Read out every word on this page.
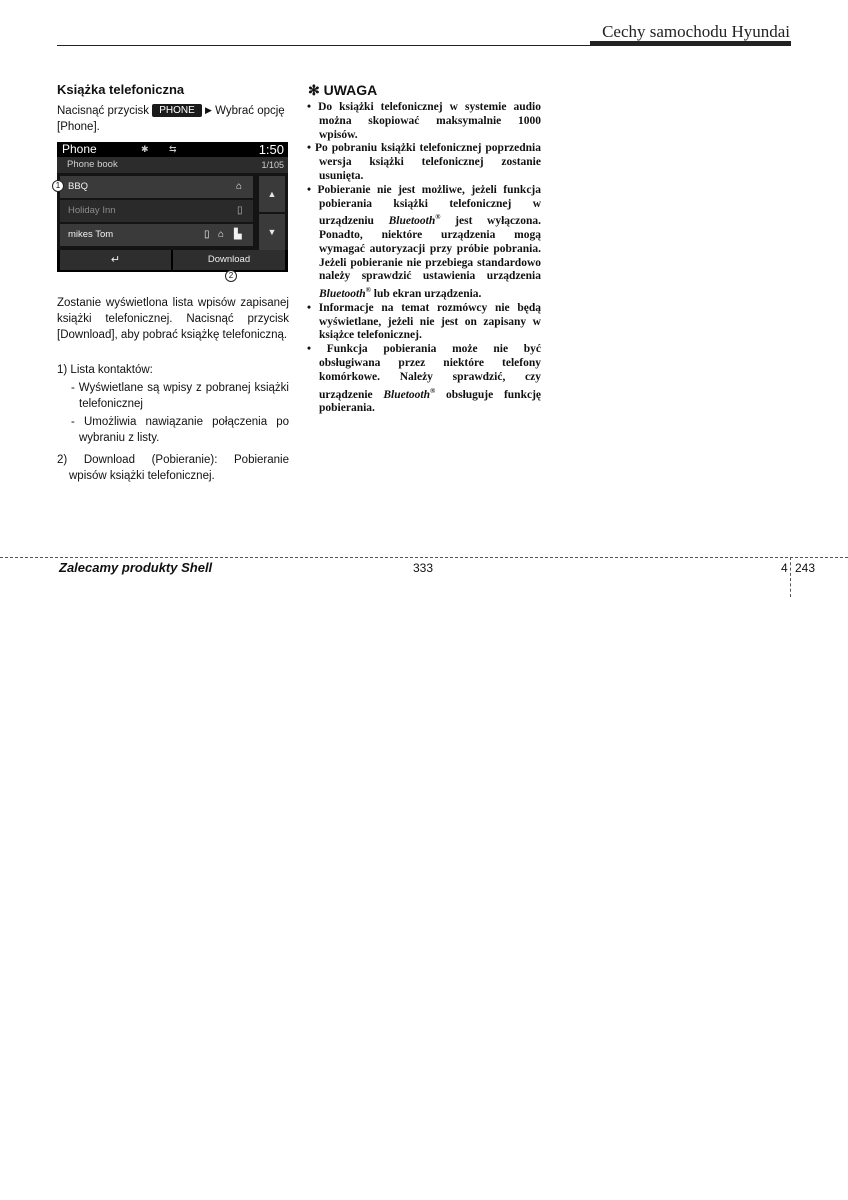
Cechy samochodu Hyundai
Książka telefoniczna
Nacisnąć przycisk PHONE ▶ Wybrać opcję [Phone].
Phone	✱ ⇆	1:50
Phone book	1/105
BBQ	⌂
Holiday Inn	▯
mikes Tom	▯ ⌂ ▙
▲
▼
↵	Download
1
2
Zostanie wyświetlona lista wpisów zapisanej książki telefonicznej. Nacisnąć przycisk [Download], aby pobrać książkę telefoniczną.
1) Lista kontaktów:
- Wyświetlane są wpisy z pobranej książki telefonicznej
- Umożliwia nawiązanie połączenia po wybraniu z listy.
2) Download (Pobieranie): Pobieranie wpisów książki telefonicznej.
✻ UWAGA

• Do książki telefonicznej w systemie audio można skopiować maksymalnie 1000 wpisów.

• Po pobraniu książki telefonicznej poprzednia wersja książki telefonicznej zostanie usunięta.

• Pobieranie nie jest możliwe, jeżeli funkcja pobierania książki telefonicznej w urządzeniu Bluetooth® jest wyłączona. Ponadto, niektóre urządzenia mogą wymagać autoryzacji przy próbie pobrania. Jeżeli pobieranie nie przebiega standardowo należy sprawdzić ustawienia urządzenia Bluetooth® lub ekran urządzenia.

• Informacje na temat rozmówcy nie będą wyświetlane, jeżeli nie jest on zapisany w książce telefonicznej.

• Funkcja pobierania może nie być obsługiwana przez niektóre telefony komórkowe. Należy sprawdzić, czy urządzenie Bluetooth® obsługuje funkcję pobierania.

Zalecamy produkty Shell	333	4 243
